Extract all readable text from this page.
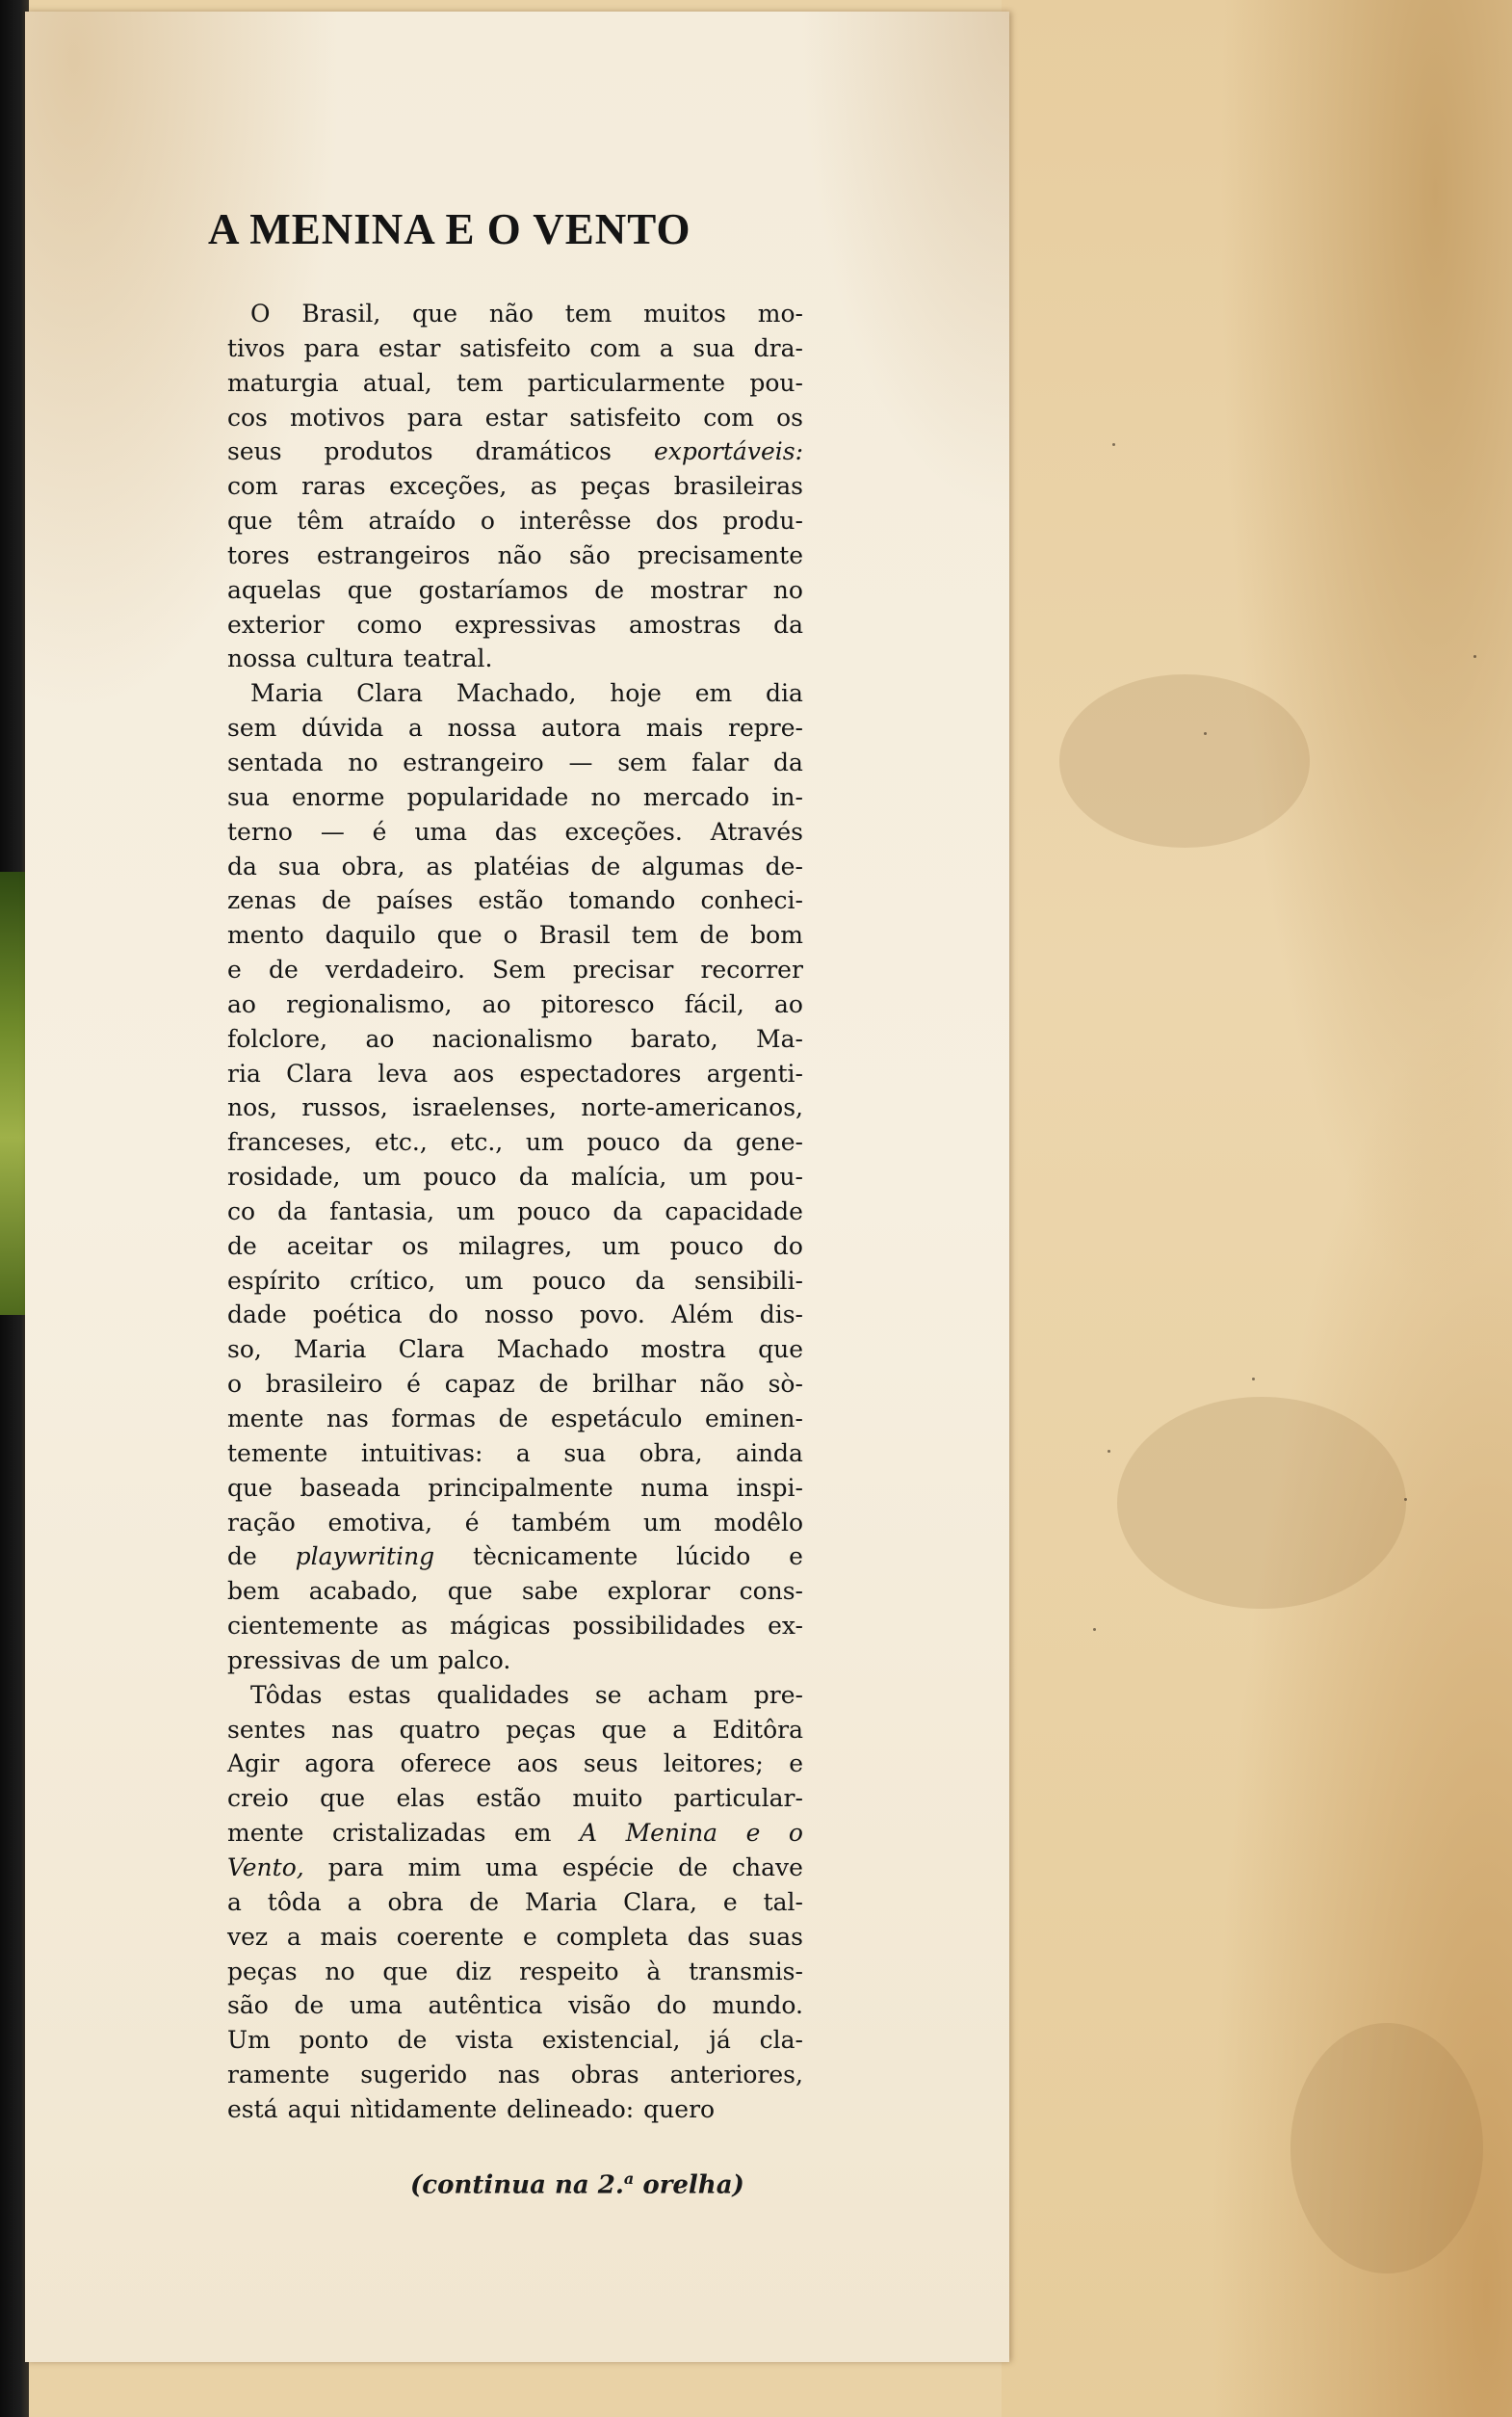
A MENINA E O VENTO
O Brasil, que não tem muitos mo-
tivos para estar satisfeito com a sua dra-
maturgia atual, tem particularmente pou-
cos motivos para estar satisfeito com os
seus produtos dramáticos exportáveis:
com raras exceções, as peças brasileiras
que têm atraído o interêsse dos produ-
tores estrangeiros não são precisamente
aquelas que gostaríamos de mostrar no
exterior como expressivas amostras da
nossa cultura teatral.
Maria Clara Machado, hoje em dia
sem dúvida a nossa autora mais repre-
sentada no estrangeiro — sem falar da
sua enorme popularidade no mercado in-
terno — é uma das exceções. Através
da sua obra, as platéias de algumas de-
zenas de países estão tomando conheci-
mento daquilo que o Brasil tem de bom
e de verdadeiro. Sem precisar recorrer
ao regionalismo, ao pitoresco fácil, ao
folclore, ao nacionalismo barato, Ma-
ria Clara leva aos espectadores argenti-
nos, russos, israelenses, norte-americanos,
franceses, etc., etc., um pouco da gene-
rosidade, um pouco da malícia, um pou-
co da fantasia, um pouco da capacidade
de aceitar os milagres, um pouco do
espírito crítico, um pouco da sensibili-
dade poética do nosso povo. Além dis-
so, Maria Clara Machado mostra que
o brasileiro é capaz de brilhar não sò-
mente nas formas de espetáculo eminen-
temente intuitivas: a sua obra, ainda
que baseada principalmente numa inspi-
ração emotiva, é também um modêlo
de playwriting tècnicamente lúcido e
bem acabado, que sabe explorar cons-
cientemente as mágicas possibilidades ex-
pressivas de um palco.
Tôdas estas qualidades se acham pre-
sentes nas quatro peças que a Editôra
Agir agora oferece aos seus leitores; e
creio que elas estão muito particular-
mente cristalizadas em A Menina e o
Vento, para mim uma espécie de chave
a tôda a obra de Maria Clara, e tal-
vez a mais coerente e completa das suas
peças no que diz respeito à transmis-
são de uma autêntica visão do mundo.
Um ponto de vista existencial, já cla-
ramente sugerido nas obras anteriores,
está aqui nìtidamente delineado: quero
(continua na 2.$^a$ orelha)
